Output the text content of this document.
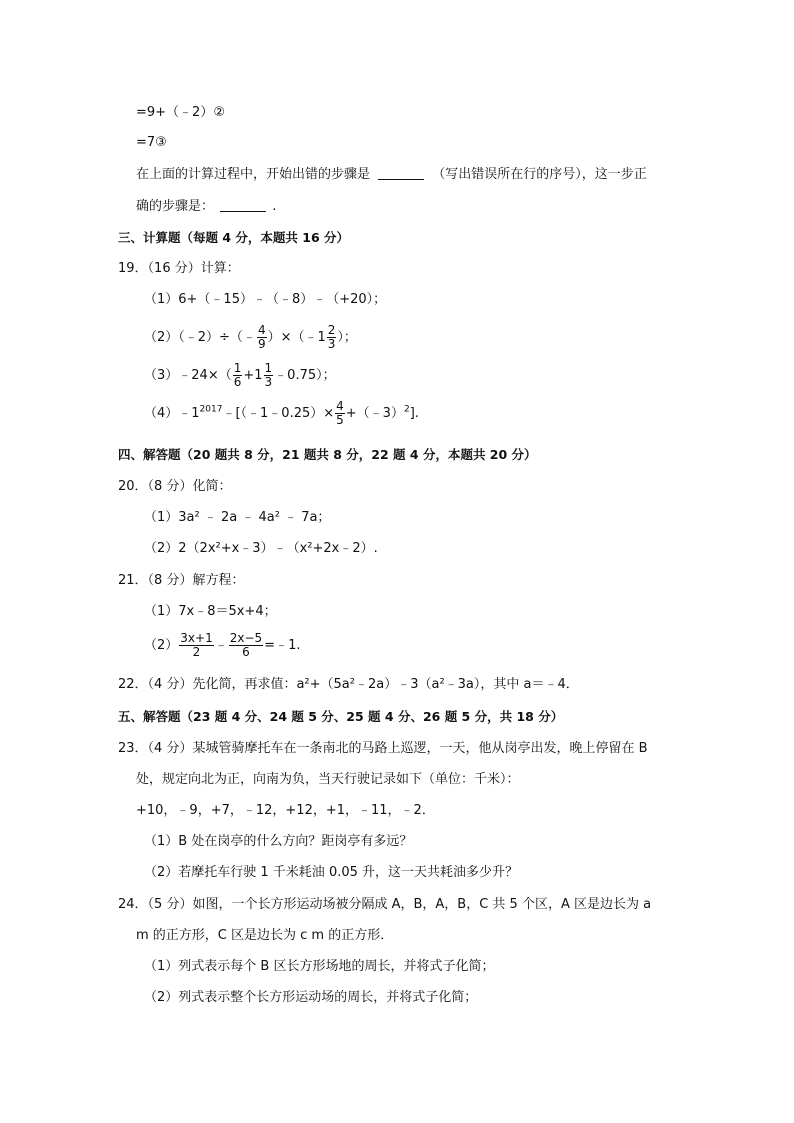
=9+（﹣2）②
=7③
在上面的计算过程中，开始出错的步骤是	（写出错误所在行的序号），这一步正
确的步骤是：	.
三、计算题（每题 4 分，本题共 16 分）
19．（16 分）计算：
（1）6+（﹣15）﹣（﹣8）﹣（+20）；
（2）（﹣2）÷（﹣ $\frac{4}{9}$ ）×（﹣1 $\frac{2}{3}$ ）；
（3）﹣24×（ $\frac{1}{6} +1 \frac{1}{3}$ ﹣0.75）；
$(4)﹣1^{2017}﹣[(﹣1﹣0.25)\times \frac{4}{5}$ +（﹣3）$^2$].
四、解答题（20 题共 8 分，21 题共 8 分，22 题 4 分，本题共 20 分）
20．（8 分）化简：
（1）3a² ﹣ 2a ﹣ 4a² ﹣ 7a；
（2）2（2x²+x﹣3）﹣（x²+2x﹣2）.
21．（8 分）解方程：
（1）7x﹣8＝5x+4；
$(2) \frac{3x+1}{2}$ ﹣ $\frac{2x-5}{6}$ =﹣1.
22．（4 分）先化简，再求值：a²+（5a²﹣2a）﹣3（a²﹣3a），其中 a＝﹣4．
五、解答题（23 题 4 分、24 题 5 分、25 题 4 分、26 题 5 分，共 18 分）
23．（4 分）某城管骑摩托车在一条南北的马路上巡逻，一天，他从岗亭出发，晚上停留在 B
处，规定向北为正，向南为负，当天行驶记录如下（单位：千米）：
+10，﹣9，+7，﹣12，+12，+1，﹣11，﹣2．
（1）B 处在岗亭的什么方向？距岗亭有多远？
（2）若摩托车行驶 1 千米耗油 0.05 升，这一天共耗油多少升？
24．（5 分）如图，一个长方形运动场被分隔成 A，B，A，B，C 共 5 个区，A 区是边长为 a
m 的正方形，C 区是边长为 c m 的正方形．
（1）列式表示每个 B 区长方形场地的周长，并将式子化简；
（2）列式表示整个长方形运动场的周长，并将式子化简；
